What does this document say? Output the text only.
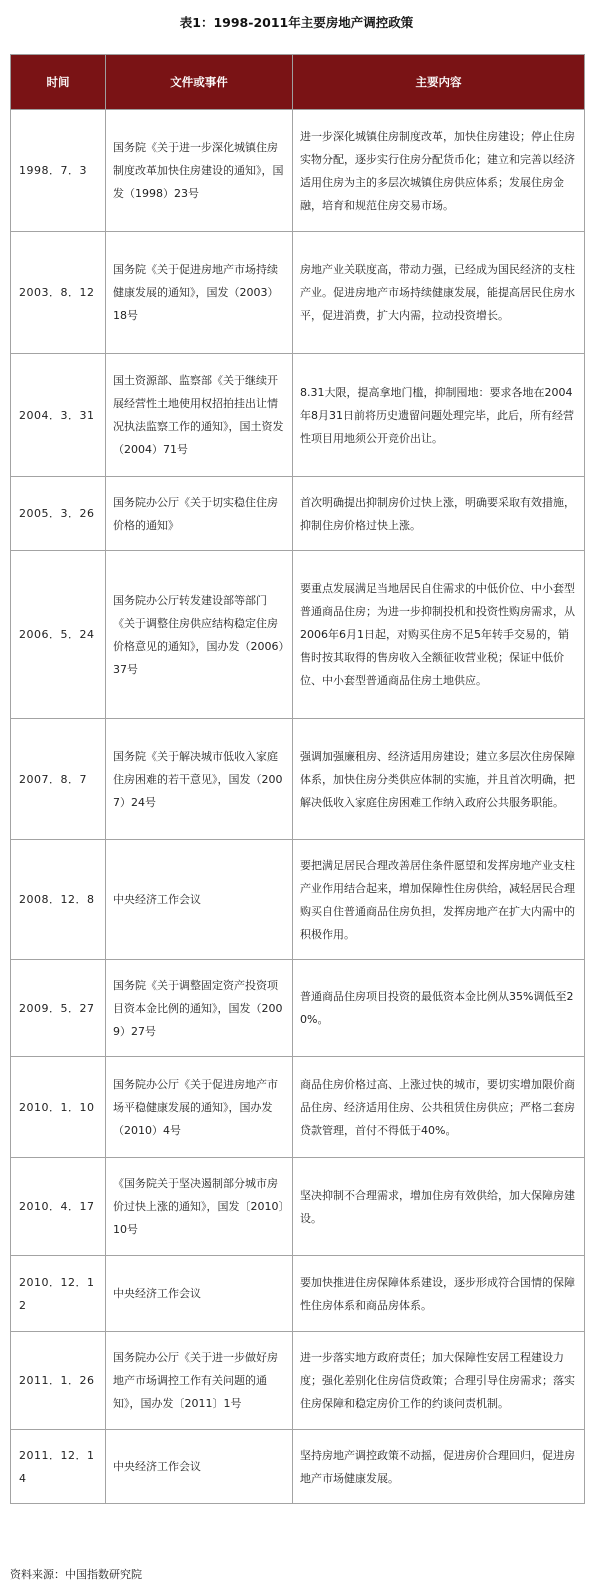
表1：1998-2011年主要房地产调控政策
时间	文件或事件	主要内容
1998．7．3	国务院《关于进一步深化城镇住房制度改革加快住房建设的通知》，国发（1998）23号	进一步深化城镇住房制度改革，加快住房建设；停止住房实物分配，逐步实行住房分配货币化；建立和完善以经济适用住房为主的多层次城镇住房供应体系；发展住房金融，培育和规范住房交易市场。
2003．8．12	国务院《关于促进房地产市场持续健康发展的通知》，国发（2003）18号	房地产业关联度高，带动力强，已经成为国民经济的支柱产业。促进房地产市场持续健康发展，能提高居民住房水平，促进消费，扩大内需，拉动投资增长。
2004．3．31	国土资源部、监察部《关于继续开展经营性土地使用权招拍挂出让情况执法监察工作的通知》，国土资发（2004）71号	8.31大限，提高拿地门槛，抑制囤地：要求各地在2004年8月31日前将历史遗留问题处理完毕，此后，所有经营性项目用地须公开竞价出让。
2005．3．26	国务院办公厅《关于切实稳住住房价格的通知》	首次明确提出抑制房价过快上涨，明确要采取有效措施，抑制住房价格过快上涨。
2006．5．24	国务院办公厅转发建设部等部门《关于调整住房供应结构稳定住房价格意见的通知》，国办发（2006）37号	要重点发展满足当地居民自住需求的中低价位、中小套型普通商品住房；为进一步抑制投机和投资性购房需求，从2006年6月1日起，对购买住房不足5年转手交易的，销售时按其取得的售房收入全额征收营业税；保证中低价位、中小套型普通商品住房土地供应。
2007．8．7	国务院《关于解决城市低收入家庭住房困难的若干意见》，国发（2007）24号	强调加强廉租房、经济适用房建设；建立多层次住房保障体系，加快住房分类供应体制的实施，并且首次明确，把解决低收入家庭住房困难工作纳入政府公共服务职能。
2008．12．8	中央经济工作会议	要把满足居民合理改善居住条件愿望和发挥房地产业支柱产业作用结合起来，增加保障性住房供给，减轻居民合理购买自住普通商品住房负担，发挥房地产在扩大内需中的积极作用。
2009．5．27	国务院《关于调整固定资产投资项目资本金比例的通知》，国发（2009）27号	普通商品住房项目投资的最低资本金比例从35%调低至20%。
2010．1．10	国务院办公厅《关于促进房地产市场平稳健康发展的通知》，国办发（2010）4号	商品住房价格过高、上涨过快的城市，要切实增加限价商品住房、经济适用住房、公共租赁住房供应；严格二套房贷款管理，首付不得低于40%。
2010．4．17	《国务院关于坚决遏制部分城市房价过快上涨的通知》，国发〔2010〕10号	坚决抑制不合理需求，增加住房有效供给，加大保障房建设。
2010．12．12	中央经济工作会议	要加快推进住房保障体系建设，逐步形成符合国情的保障性住房体系和商品房体系。
2011．1．26	国务院办公厅《关于进一步做好房地产市场调控工作有关问题的通知》，国办发〔2011〕1号	进一步落实地方政府责任；加大保障性安居工程建设力度；强化差别化住房信贷政策；合理引导住房需求；落实住房保障和稳定房价工作的约谈问责机制。
2011．12．14	中央经济工作会议	坚持房地产调控政策不动摇，促进房价合理回归，促进房地产市场健康发展。
资料来源：中国指数研究院
